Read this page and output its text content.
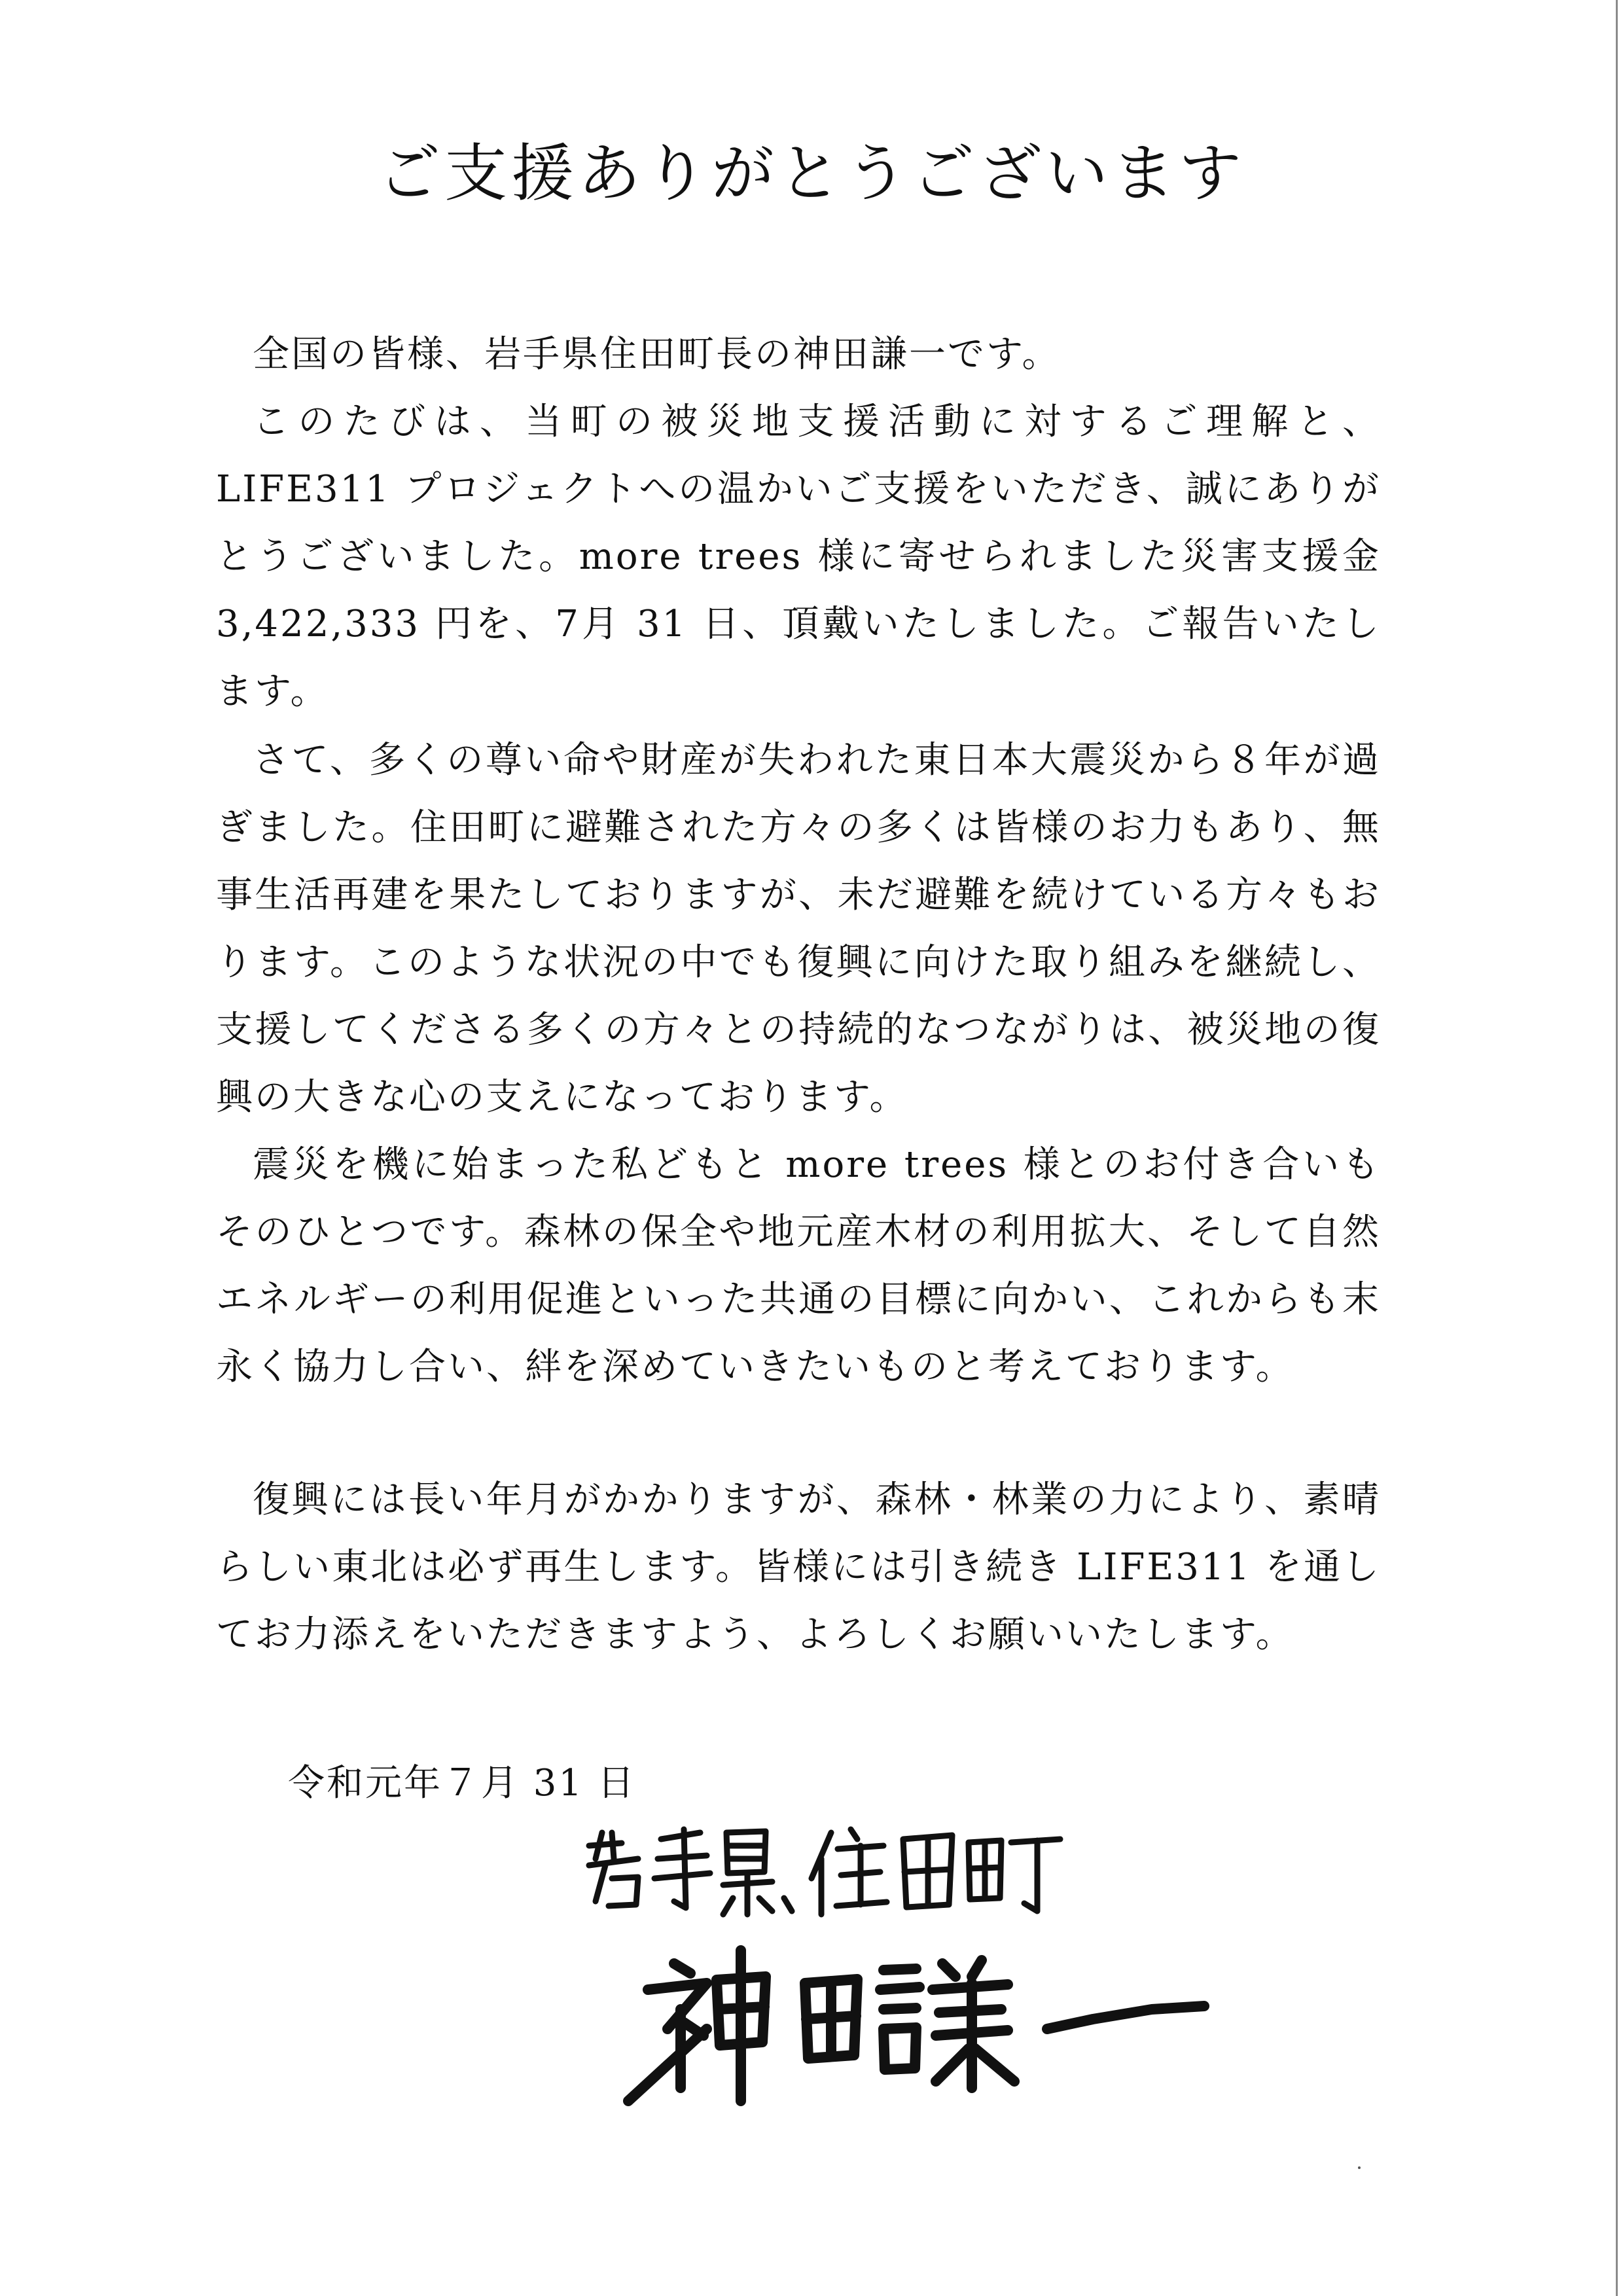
ご支援ありがとうございます

全国の皆様、岩手県住田町長の神田謙一です。

このたびは、当町の被災地支援活動に対するご理解と、LIFE311 プロジェクトへの温かいご支援をいただき、誠にありがとうございました。more trees 様に寄せられました災害支援金 3,422,333 円を、7月 31 日、頂戴いたしました。ご報告いたします。

さて、多くの尊い命や財産が失われた東日本大震災から８年が過ぎました。住田町に避難された方々の多くは皆様のお力もあり、無事生活再建を果たしておりますが、未だ避難を続けている方々もおります。このような状況の中でも復興に向けた取り組みを継続し、支援してくださる多くの方々との持続的なつながりは、被災地の復興の大きな心の支えになっております。

震災を機に始まった私どもと more trees 様とのお付き合いもそのひとつです。森林の保全や地元産木材の利用拡大、そして自然エネルギーの利用促進といった共通の目標に向かい、これからも末永く協力し合い、絆を深めていきたいものと考えております。

復興には長い年月がかかりますが、森林・林業の力により、素晴らしい東北は必ず再生します。皆様には引き続き LIFE311 を通してお力添えをいただきますよう、よろしくお願いいたします。

令和元年７月 31 日
